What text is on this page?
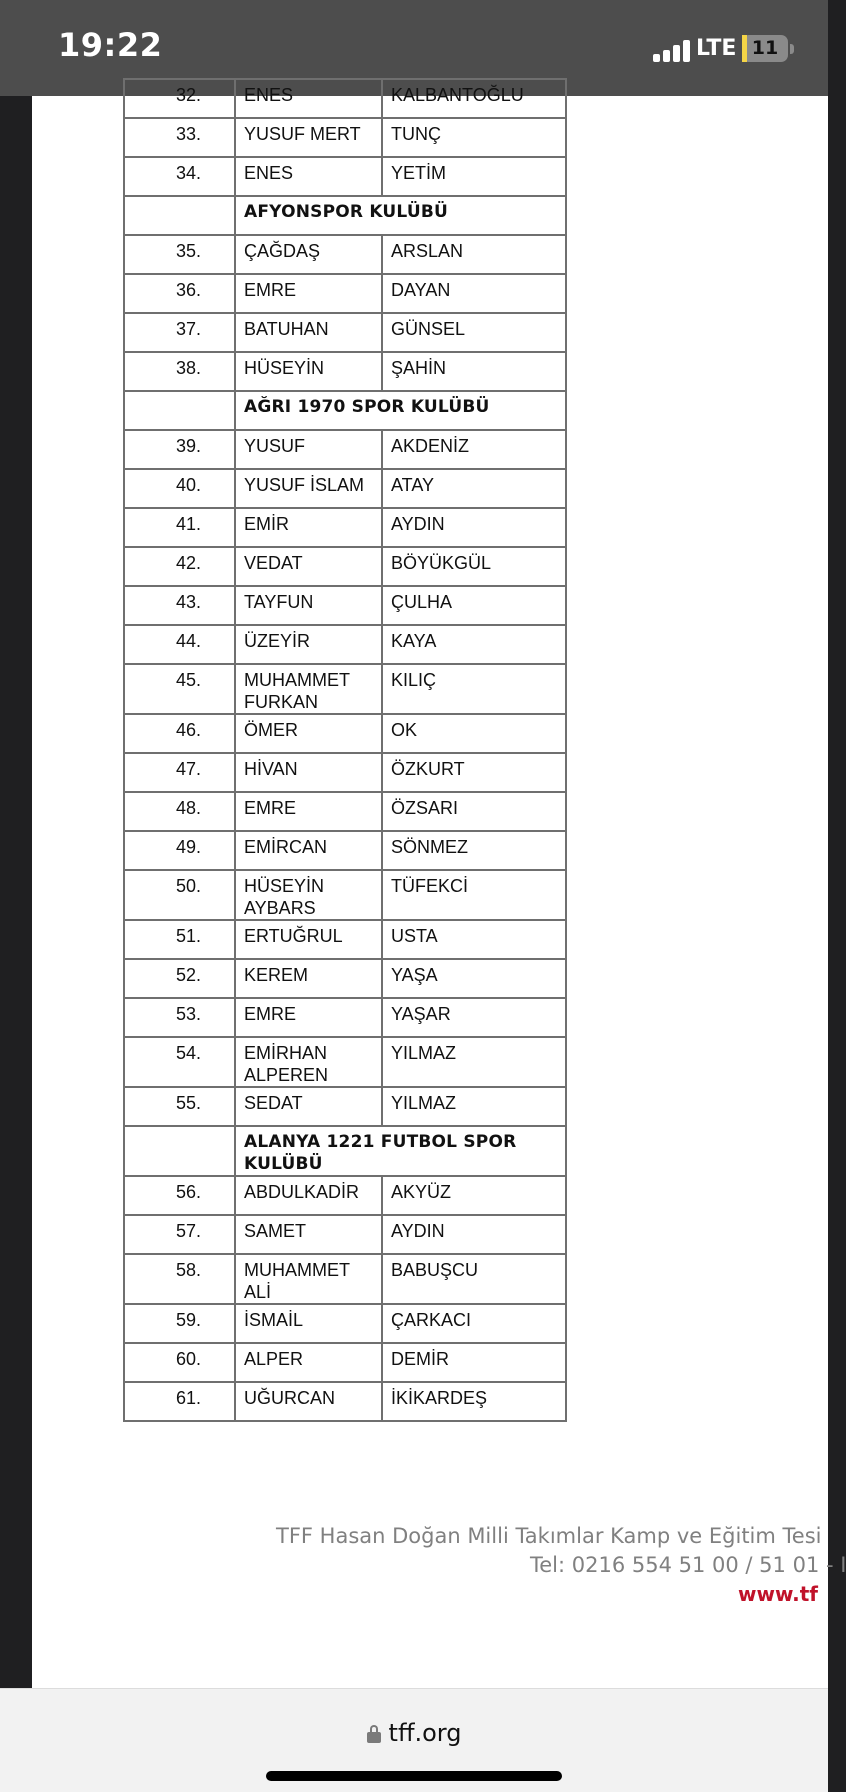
19:22	LTE 11
32.	ENES	KALBANTOĞLU
33.	YUSUF MERT	TUNÇ
34.	ENES	YETİM
	AFYONSPOR KULÜBÜ	
35.	ÇAĞDAŞ	ARSLAN
36.	EMRE	DAYAN
37.	BATUHAN	GÜNSEL
38.	HÜSEYİN	ŞAHİN
	AĞRI 1970 SPOR KULÜBÜ	
39.	YUSUF	AKDENİZ
40.	YUSUF İSLAM	ATAY
41.	EMİR	AYDIN
42.	VEDAT	BÖYÜKGÜL
43.	TAYFUN	ÇULHA
44.	ÜZEYİR	KAYA
45.	MUHAMMET FURKAN	KILIÇ
46.	ÖMER	OK
47.	HİVAN	ÖZKURT
48.	EMRE	ÖZSARI
49.	EMİRCAN	SÖNMEZ
50.	HÜSEYİN AYBARS	TÜFEKCİ
51.	ERTUĞRUL	USTA
52.	KEREM	YAŞA
53.	EMRE	YAŞAR
54.	EMİRHAN ALPEREN	YILMAZ
55.	SEDAT	YILMAZ
	ALANYA 1221 FUTBOL SPOR KULÜBÜ	
56.	ABDULKADİR	AKYÜZ
57.	SAMET	AYDIN
58.	MUHAMMET ALİ	BABUŞCU
59.	İSMAİL	ÇARKACI
60.	ALPER	DEMİR
61.	UĞURCAN	İKİKARDEŞ
TFF Hasan Doğan Milli Takımlar Kamp ve Eğitim Tesi
Tel: 0216 554 51 00 / 51 01 - I
www.tf
tff.org
